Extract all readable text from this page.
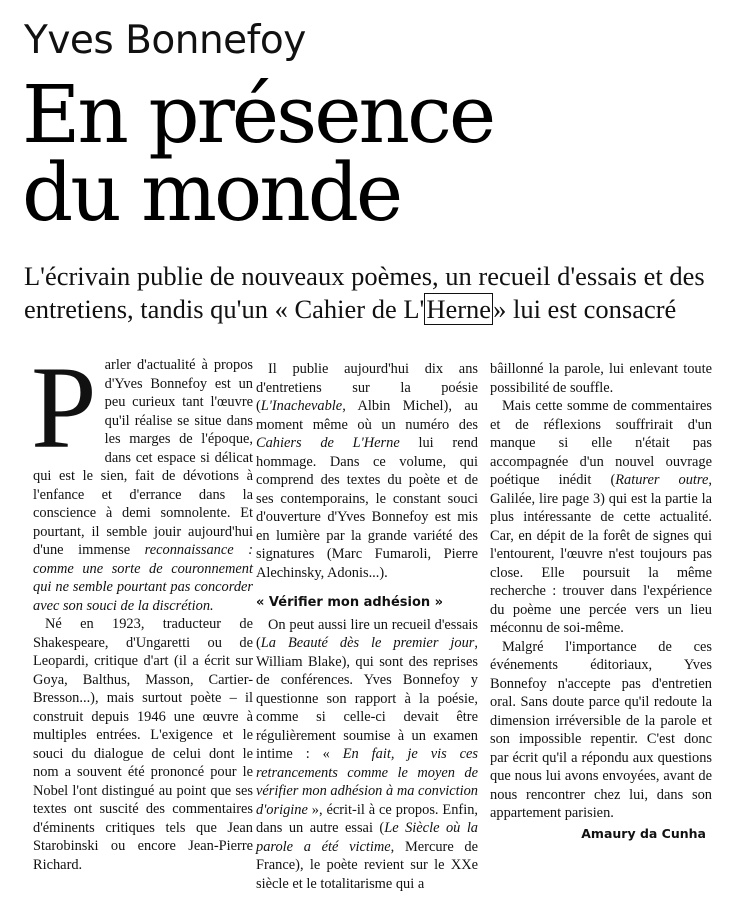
Yves Bonnefoy
En présence
du monde
L'écrivain publie de nouveaux poèmes, un recueil d'essais et des
entretiens, tandis qu'un « Cahier de L'Herne» lui est consacré

Parler d'actualité à propos d'Yves Bonnefoy est un peu curieux tant l'œuvre qu'il réalise se situe dans les marges de l'époque, dans cet espace si délicat qui est le sien, fait de dévotions à l'enfance et d'errance dans la conscience à demi somnolente. Et pourtant, il semble jouir aujourd'hui d'une immense reconnaissance : comme une sorte de couronnement qui ne semble pourtant pas concorder avec son souci de la discrétion.

Né en 1923, traducteur de Shakespeare, d'Ungaretti ou de Leopardi, critique d'art (il a écrit sur Goya, Balthus, Masson, Cartier-Bresson...), mais surtout poète – il construit depuis 1946 une œuvre à multiples entrées. L'exigence et le souci du dialogue de celui dont le nom a souvent été prononcé pour le Nobel l'ont distingué au point que ses textes ont suscité des commentaires d'éminents critiques tels que Jean Starobinski ou encore Jean-Pierre Richard.

Il publie aujourd'hui dix ans d'entretiens sur la poésie (L'Inachevable, Albin Michel), au moment même où un numéro des Cahiers de L'Herne lui rend hommage. Dans ce volume, qui comprend des textes du poète et de ses contemporains, le constant souci d'ouverture d'Yves Bonnefoy est mis en lumière par la grande variété des signatures (Marc Fumaroli, Pierre Alechinsky, Adonis...).

« Vérifier mon adhésion »

On peut aussi lire un recueil d'essais (La Beauté dès le premier jour, William Blake), qui sont des reprises de conférences. Yves Bonnefoy y questionne son rapport à la poésie, comme si celle-ci devait être régulièrement soumise à un examen intime : « En fait, je vis ces retrancements comme le moyen de vérifier mon adhésion à ma conviction d'origine », écrit-il à ce propos. Enfin, dans un autre essai (Le Siècle où la parole a été victime, Mercure de France), le poète revient sur le XXe siècle et le totalitarisme qui a

bâillonné la parole, lui enlevant toute possibilité de souffle.

Mais cette somme de commentaires et de réflexions souffrirait d'un manque si elle n'était pas accompagnée d'un nouvel ouvrage poétique inédit (Raturer outre, Galilée, lire page 3) qui est la partie la plus intéressante de cette actualité. Car, en dépit de la forêt de signes qui l'entourent, l'œuvre n'est toujours pas close. Elle poursuit la même recherche : trouver dans l'expérience du poème une percée vers un lieu méconnu de soi-même.

Malgré l'importance de ces événements éditoriaux, Yves Bonnefoy n'accepte pas d'entretien oral. Sans doute parce qu'il redoute la dimension irréversible de la parole et son impossible repentir. C'est donc par écrit qu'il a répondu aux questions que nous lui avons envoyées, avant de nous rencontrer chez lui, dans son appartement parisien.

Amaury da Cunha
